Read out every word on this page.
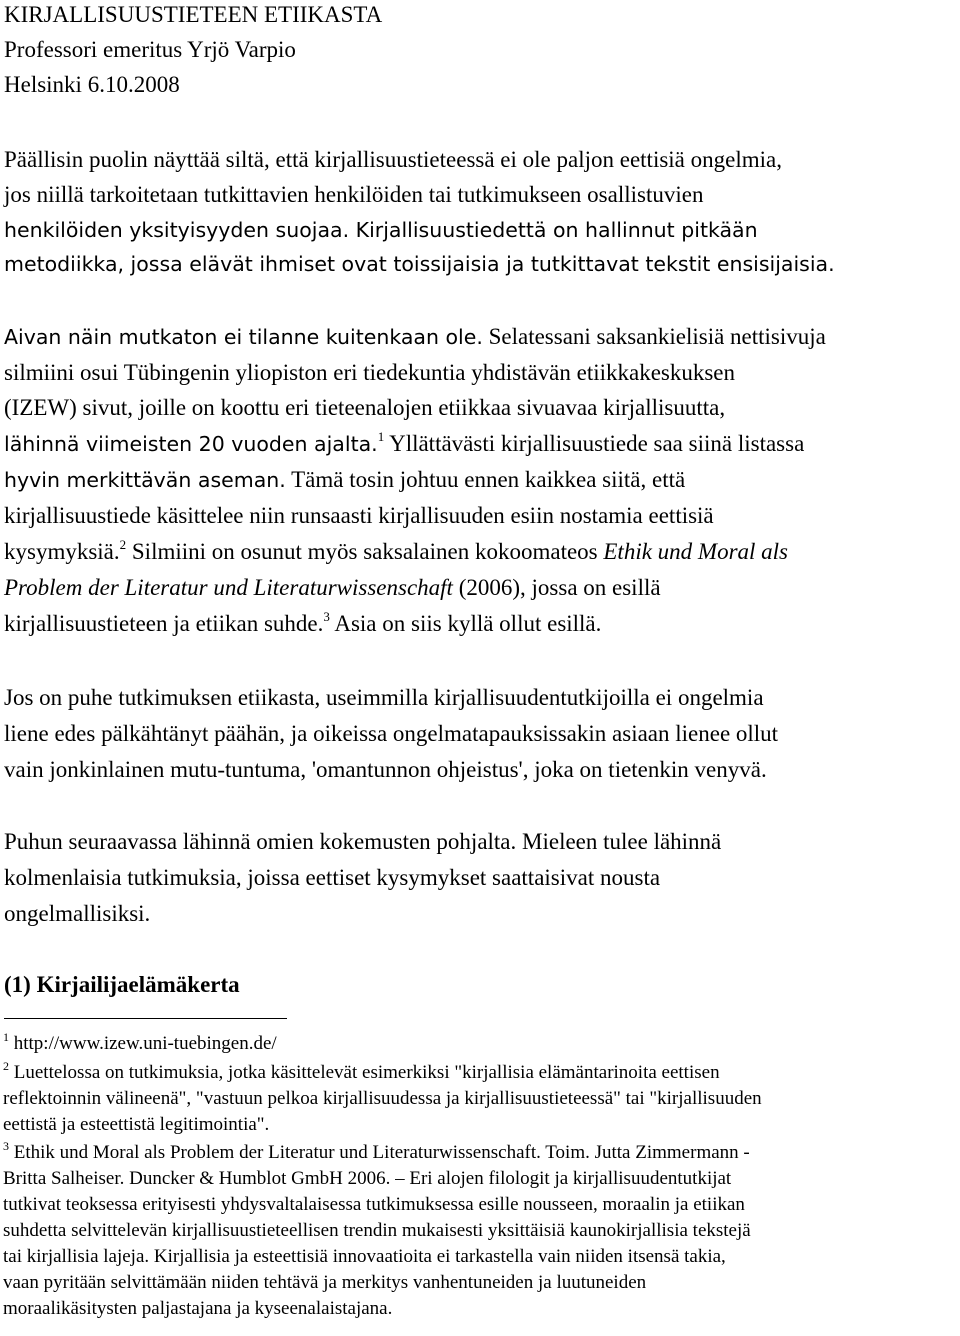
KIRJALLISUUSTIETEEN ETIIKASTA
Professori emeritus Yrjö Varpio
Helsinki 6.10.2008
Päällisin puolin näyttää siltä, että kirjallisuustieteessä ei ole paljon eettisiä ongelmia,
jos niillä tarkoitetaan tutkittavien henkilöiden tai tutkimukseen osallistuvien
henkilöiden yksityisyyden suojaa. Kirjallisuustiedettä on hallinnut pitkään
metodiikka, jossa elävät ihmiset ovat toissijaisia ja tutkittavat tekstit ensisijaisia.
Aivan näin mutkaton ei tilanne kuitenkaan ole. Selatessani saksankielisiä nettisivuja
silmiini osui Tübingenin yliopiston eri tiedekuntia yhdistävän etiikkakeskuksen
(IZEW) sivut, joille on koottu eri tieteenalojen etiikkaa sivuavaa kirjallisuutta,
lähinnä viimeisten 20 vuoden ajalta.$^1$ Yllättävästi kirjallisuustiede saa siinä listassa
hyvin merkittävän aseman. Tämä tosin johtuu ennen kaikkea siitä, että
kirjallisuustiede käsittelee niin runsaasti kirjallisuuden esiin nostamia eettisiä
kysymyksiä.$^2$ Silmiini on osunut myös saksalainen kokoomateos Ethik und Moral als
Problem der Literatur und Literaturwissenschaft (2006), jossa on esillä
kirjallisuustieteen ja etiikan suhde.$^3$ Asia on siis kyllä ollut esillä.
Jos on puhe tutkimuksen etiikasta, useimmilla kirjallisuudentutkijoilla ei ongelmia
liene edes pälkähtänyt päähän, ja oikeissa ongelmatapauksissakin asiaan lienee ollut
vain jonkinlainen mutu-tuntuma, 'omantunnon ohjeistus', joka on tietenkin venyvä.
Puhun seuraavassa lähinnä omien kokemusten pohjalta. Mieleen tulee lähinnä
kolmenlaisia tutkimuksia, joissa eettiset kysymykset saattaisivat nousta
ongelmallisiksi.
(1) Kirjailijaelämäkerta
$^1$ http://www.izew.uni-tuebingen.de/
$^2$ Luettelossa on tutkimuksia, jotka käsittelevät esimerkiksi "kirjallisia elämäntarinoita eettisen
reflektoinnin välineenä", "vastuun pelkoa kirjallisuudessa ja kirjallisuustieteessä" tai "kirjallisuuden
eettistä ja esteettistä legitimointia".
$^3$ Ethik und Moral als Problem der Literatur und Literaturwissenschaft. Toim. Jutta Zimmermann -
Britta Salheiser. Duncker & Humblot GmbH 2006. – Eri alojen filologit ja kirjallisuudentutkijat
tutkivat teoksessa erityisesti yhdysvaltalaisessa tutkimuksessa esille nousseen, moraalin ja etiikan
suhdetta selvittelevän kirjallisuustieteellisen trendin mukaisesti yksittäisiä kaunokirjallisia tekstejä
tai kirjallisia lajeja. Kirjallisia ja esteettisiä innovaatioita ei tarkastella vain niiden itsensä takia,
vaan pyritään selvittämään niiden tehtävä ja merkitys vanhentuneiden ja luutuneiden
moraalikäsitysten paljastajana ja kyseenalaistajana.
